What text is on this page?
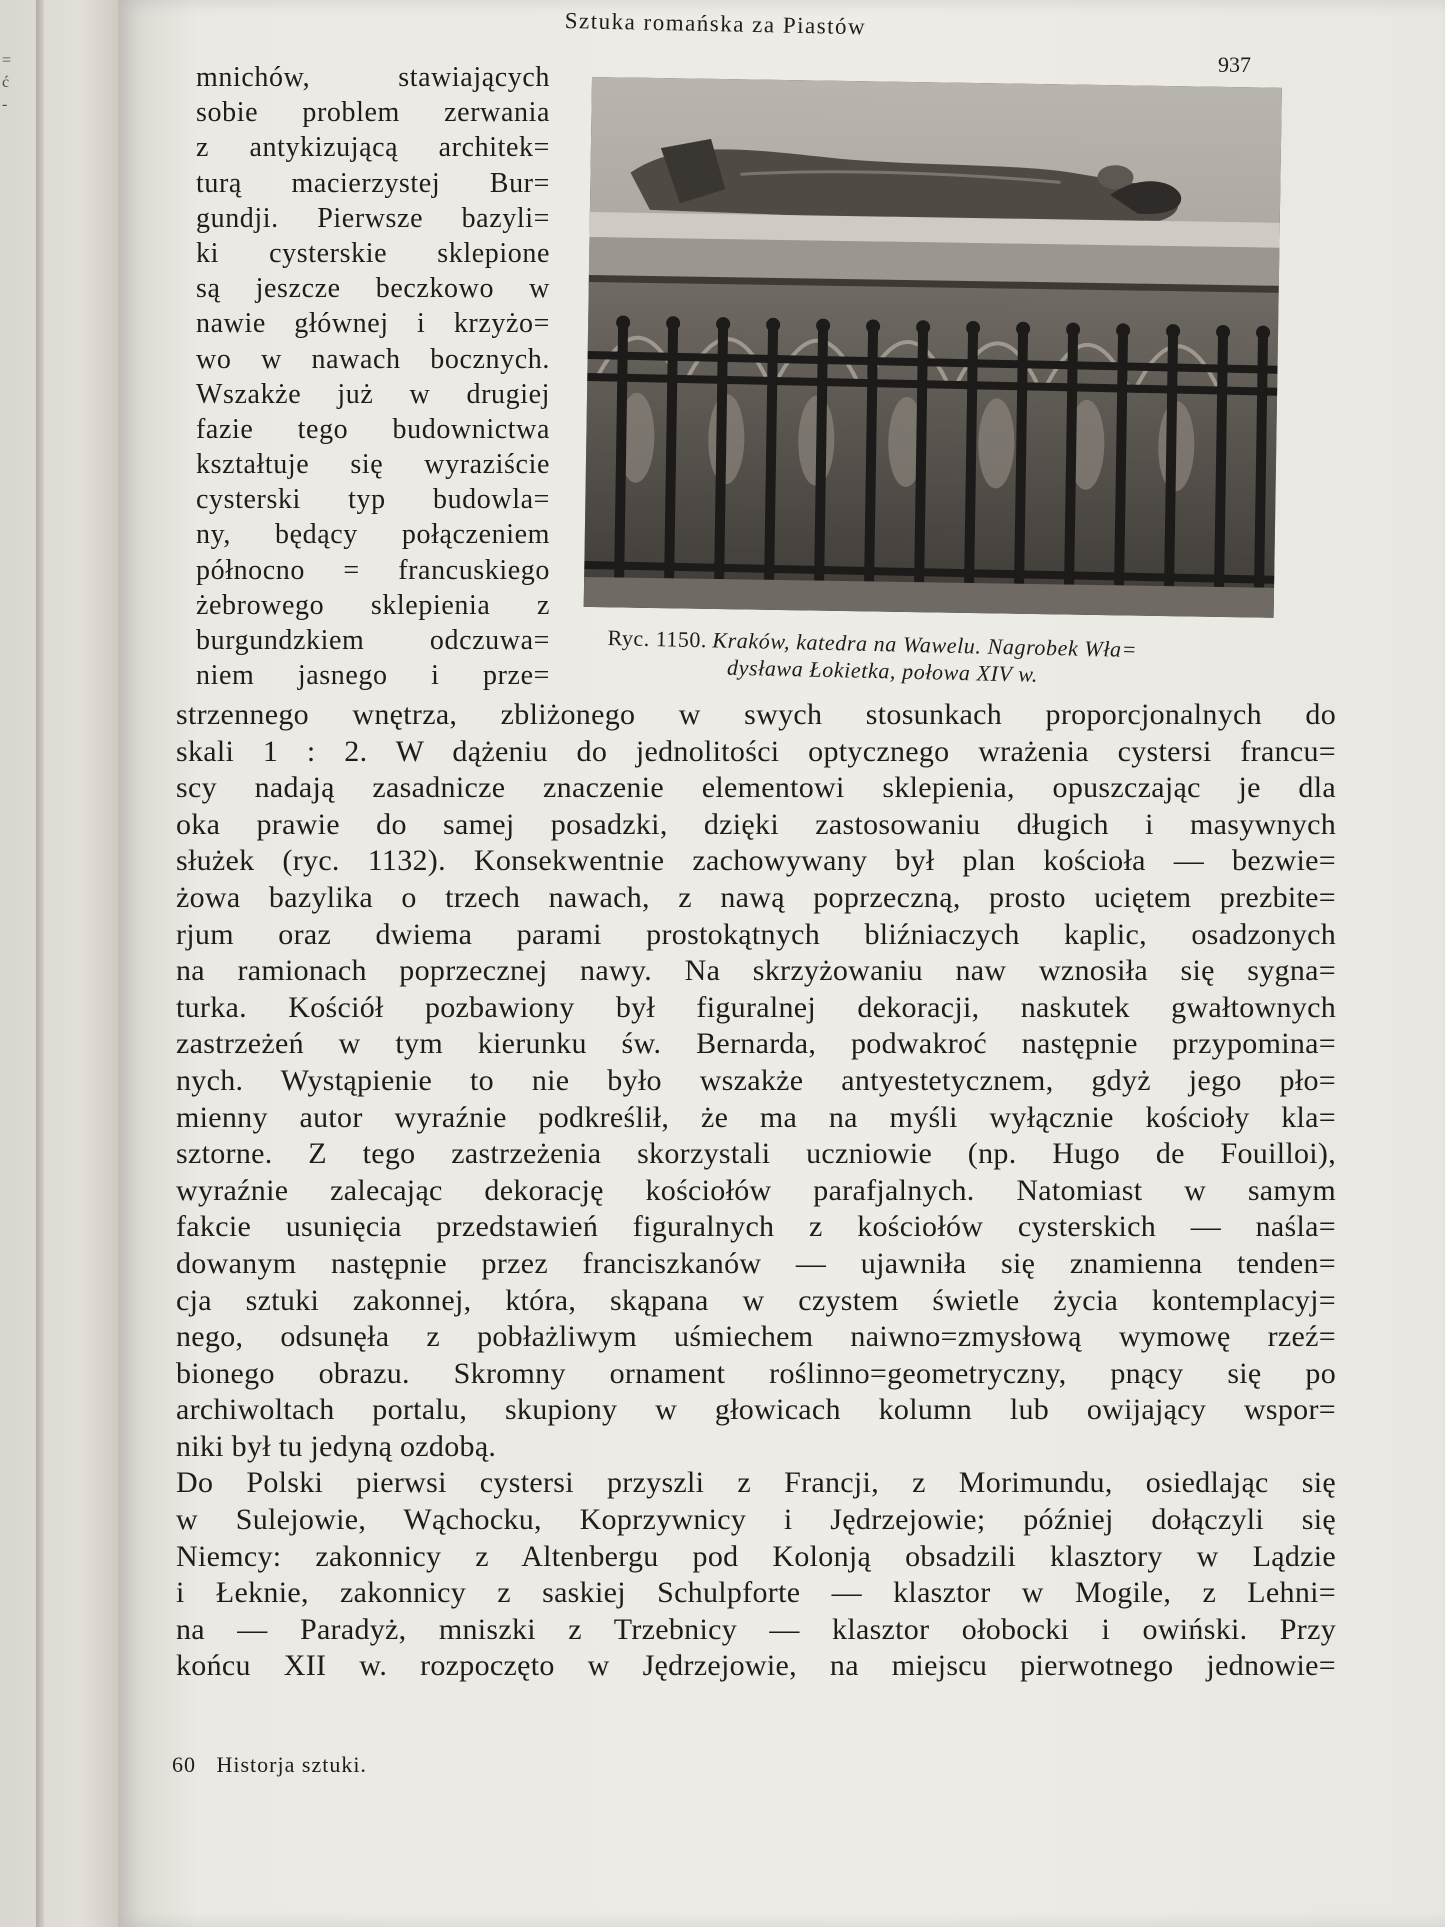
=
ć
-
Sztuka romańska za Piastów
937
Ryc. 1150. Kraków, katedra na Wawelu. Nagrobek Wła=
dysława Łokietka, połowa XIV w.
mnichów, stawiających
sobie problem zerwania
z antykizującą architek=
turą macierzystej Bur=
gundji. Pierwsze bazyli=
ki cysterskie sklepione
są jeszcze beczkowo w
nawie głównej i krzyżo=
wo w nawach bocznych.
Wszakże już w drugiej
fazie tego budownictwa
kształtuje się wyraziście
cysterski typ budowla=
ny, będący połączeniem
północno = francuskiego
żebrowego sklepienia z
burgundzkiem odczuwa=
niem jasnego i prze=
strzennego wnętrza, zbliżonego w swych stosunkach proporcjonalnych do
skali 1 : 2. W dążeniu do jednolitości optycznego wrażenia cystersi francu=
scy nadają zasadnicze znaczenie elementowi sklepienia, opuszczając je dla
oka prawie do samej posadzki, dzięki zastosowaniu długich i masywnych
służek (ryc. 1132). Konsekwentnie zachowywany był plan kościoła — bezwie=
żowa bazylika o trzech nawach, z nawą poprzeczną, prosto uciętem prezbite=
rjum oraz dwiema parami prostokątnych bliźniaczych kaplic, osadzonych
na ramionach poprzecznej nawy. Na skrzyżowaniu naw wznosiła się sygna=
turka. Kościół pozbawiony był figuralnej dekoracji, naskutek gwałtownych
zastrzeżeń w tym kierunku św. Bernarda, podwakroć następnie przypomina=
nych. Wystąpienie to nie było wszakże antyestetycznem, gdyż jego pło=
mienny autor wyraźnie podkreślił, że ma na myśli wyłącznie kościoły kla=
sztorne. Z tego zastrzeżenia skorzystali uczniowie (np. Hugo de Fouilloi),
wyraźnie zalecając dekorację kościołów parafjalnych. Natomiast w samym
fakcie usunięcia przedstawień figuralnych z kościołów cysterskich — naśla=
dowanym następnie przez franciszkanów — ujawniła się znamienna tenden=
cja sztuki zakonnej, która, skąpana w czystem świetle życia kontemplacyj=
nego, odsunęła z pobłażliwym uśmiechem naiwno=zmysłową wymowę rzeź=
bionego obrazu. Skromny ornament roślinno=geometryczny, pnący się po
archiwoltach portalu, skupiony w głowicach kolumn lub owijający wspor=
niki był tu jedyną ozdobą.
Do Polski pierwsi cystersi przyszli z Francji, z Morimundu, osiedlając się
w Sulejowie, Wąchocku, Koprzywnicy i Jędrzejowie; później dołączyli się
Niemcy: zakonnicy z Altenbergu pod Kolonją obsadzili klasztory w Lądzie
i Łeknie, zakonnicy z saskiej Schulpforte — klasztor w Mogile, z Lehni=
na — Paradyż, mniszki z Trzebnicy — klasztor ołobocki i owiński. Przy
końcu XII w. rozpoczęto w Jędrzejowie, na miejscu pierwotnego jednowie=
60 Historja sztuki.
